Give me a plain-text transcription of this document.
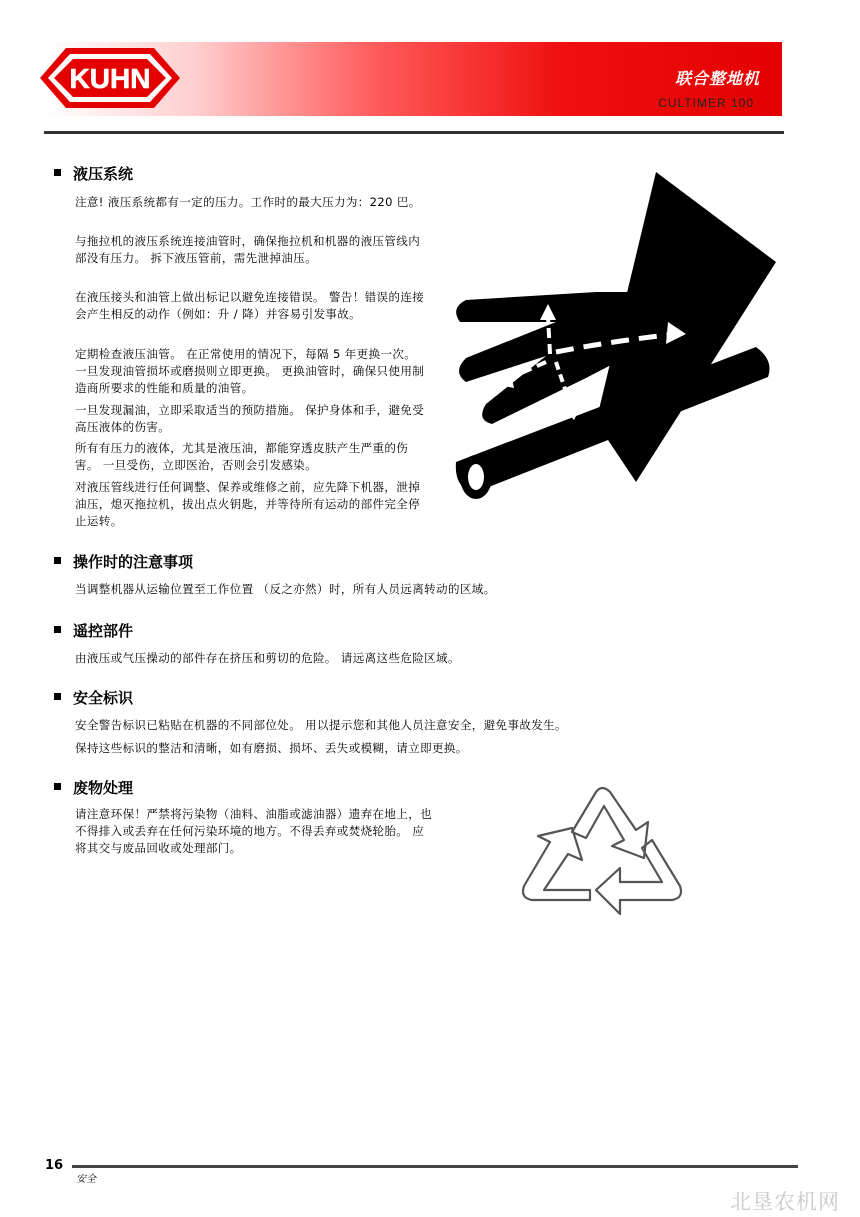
KUHN	联合整地机
CULTIMER 100
液压系统

注意! 液压系统都有一定的压力。工作时的最大压力为：220 巴。

与拖拉机的液压系统连接油管时，确保拖拉机和机器的液压管线内部没有压力。 拆下液压管前，需先泄掉油压。

在液压接头和油管上做出标记以避免连接错误。 警告！错误的连接会产生相反的动作（例如：升 / 降）并容易引发事故。

定期检查液压油管。 在正常使用的情况下，每隔 5 年更换一次。 一旦发现油管损坏或磨损则立即更换。 更换油管时，确保只使用制造商所要求的性能和质量的油管。

一旦发现漏油，立即采取适当的预防措施。 保护身体和手，避免受高压液体的伤害。

所有有压力的液体，尤其是液压油，都能穿透皮肤产生严重的伤害。 一旦受伤，立即医治，否则会引发感染。

对液压管线进行任何调整、保养或维修之前，应先降下机器，泄掉油压，熄灭拖拉机，拔出点火钥匙，并等待所有运动的部件完全停止运转。

操作时的注意事项

当调整机器从运输位置至工作位置 （反之亦然）时，所有人员远离转动的区域。

遥控部件

由液压或气压操动的部件存在挤压和剪切的危险。 请远离这些危险区域。

安全标识

安全警告标识已粘贴在机器的不同部位处。 用以提示您和其他人员注意安全，避免事故发生。

保持这些标识的整洁和清晰，如有磨损、损坏、丢失或模糊，请立即更换。

废物处理

请注意环保！严禁将污染物（油料、油脂或滤油器）遗弃在地上，也不得排入或丢弃在任何污染环境的地方。不得丢弃或焚烧轮胎。 应将其交与废品回收或处理部门。

16
安全
北垦农机网
